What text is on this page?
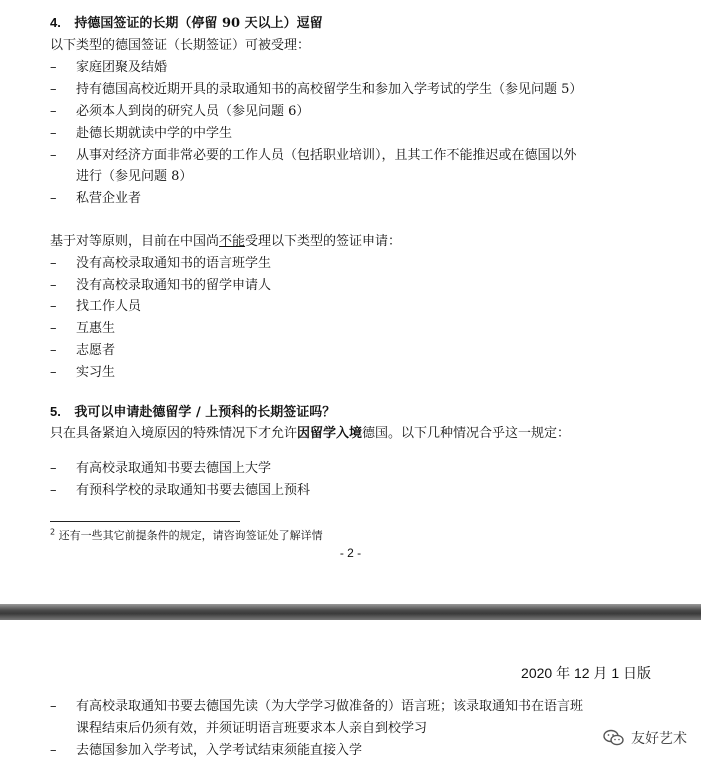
4. 持德国签证的长期（停留 90 天以上）逗留
以下类型的德国签证（长期签证）可被受理：
– 家庭团聚及结婚
– 持有德国高校近期开具的录取通知书的高校留学生和参加入学考试的学生（参见问题 5）
– 必须本人到岗的研究人员（参见问题 6）
– 赴德长期就读中学的中学生
– 从事对经济方面非常必要的工作人员（包括职业培训），且其工作不能推迟或在德国以外
进行（参见问题 8）
– 私营企业者
基于对等原则，目前在中国尚不能受理以下类型的签证申请：
– 没有高校录取通知书的语言班学生
– 没有高校录取通知书的留学申请人
– 找工作人员
– 互惠生
– 志愿者
– 实习生
5. 我可以申请赴德留学 / 上预科的长期签证吗？
只在具备紧迫入境原因的特殊情况下才允许因留学入境德国。以下几种情况合乎这一规定：
– 有高校录取通知书要去德国上大学
– 有预科学校的录取通知书要去德国上预科
$^2$ 还有一些其它前提条件的规定，请咨询签证处了解详情
- 2 -
2020 年 12 月 1 日版
– 有高校录取通知书要去德国先读（为大学学习做准备的）语言班；该录取通知书在语言班
课程结束后仍须有效，并须证明语言班要求本人亲自到校学习
– 去德国参加入学考试，入学考试结束须能直接入学
友好艺术
